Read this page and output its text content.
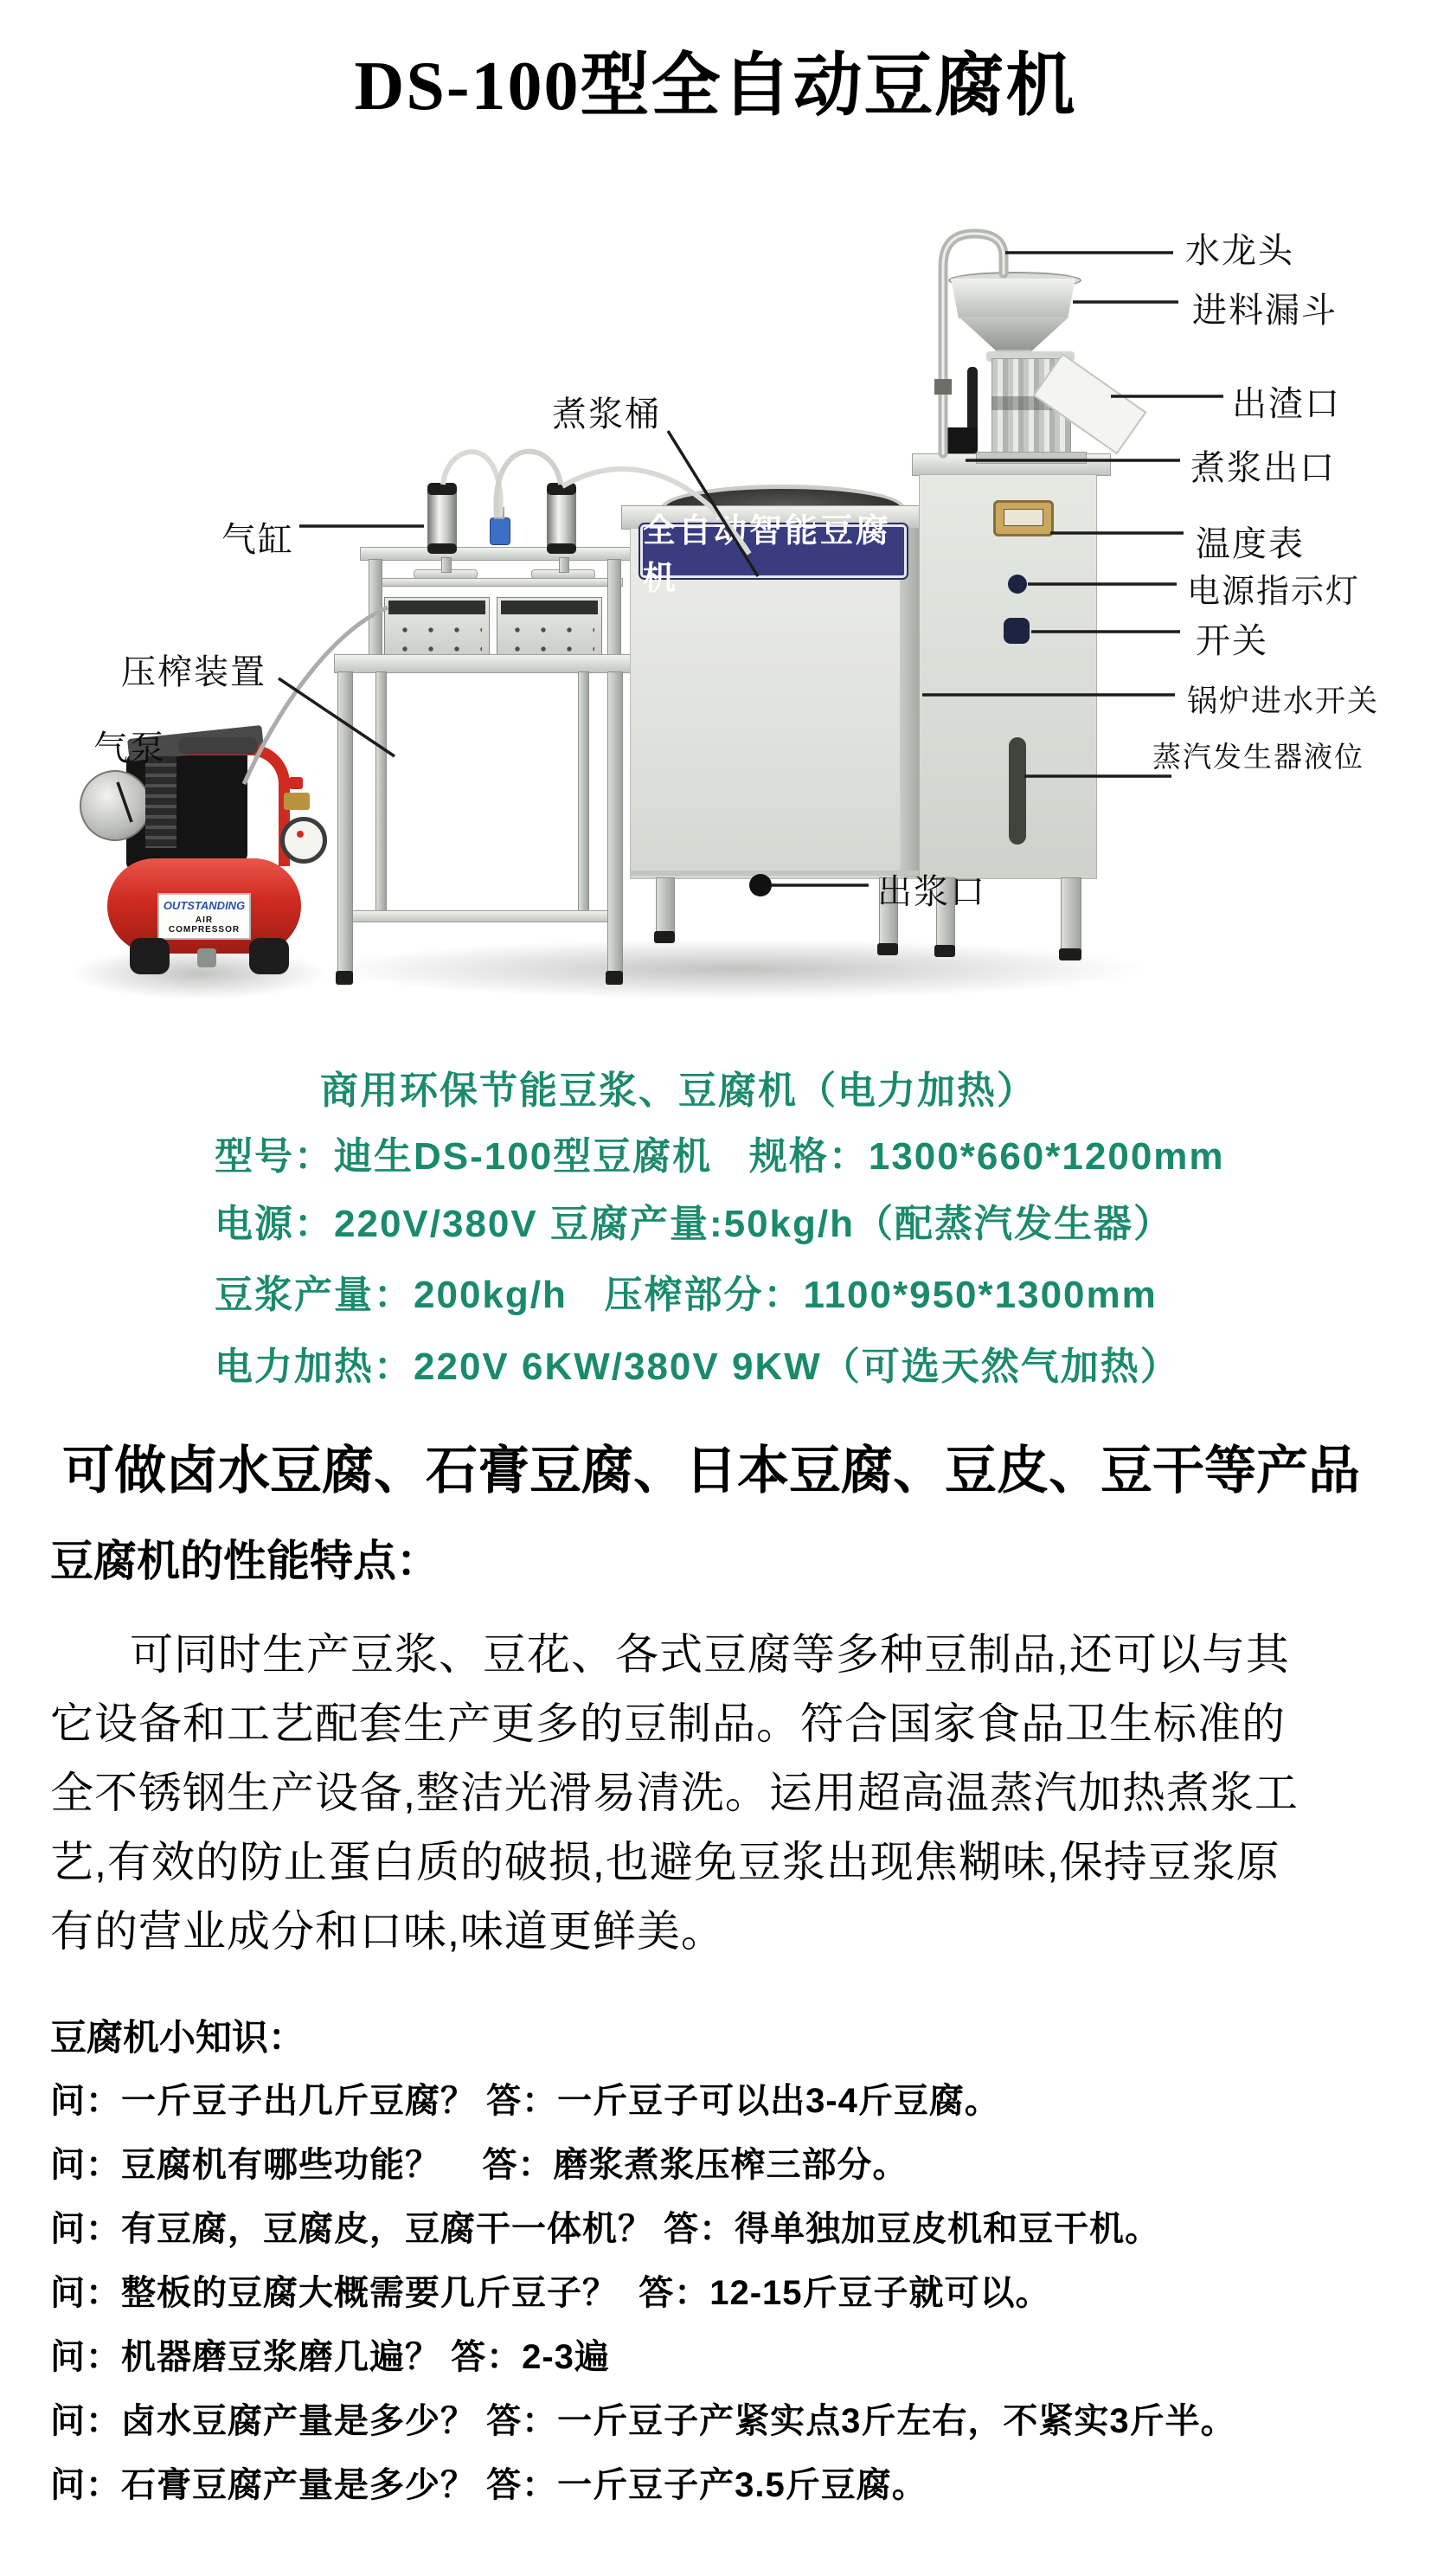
DS-100型全自动豆腐机
OUTSTANDING
AIR COMPRESSOR
全自动智能豆腐机
水龙头
进料漏斗
出渣口
煮浆出口
温度表
电源指示灯
开关
锅炉进水开关
蒸汽发生器液位
煮浆桶
气缸
压榨装置
气泵
出浆口
商用环保节能豆浆、豆腐机（电力加热）
型号：迪生DS-100型豆腐机   规格：1300*660*1200mm
电源：220V/380V 豆腐产量:50kg/h（配蒸汽发生器）
豆浆产量：200kg/h   压榨部分：1100*950*1300mm
电力加热：220V 6KW/380V 9KW（可选天然气加热）
可做卤水豆腐、石膏豆腐、日本豆腐、豆皮、豆干等产品
豆腐机的性能特点：
可同时生产豆浆、豆花、各式豆腐等多种豆制品,还可以与其
它设备和工艺配套生产更多的豆制品。符合国家食品卫生标准的
全不锈钢生产设备,整洁光滑易清洗。运用超高温蒸汽加热煮浆工
艺,有效的防止蛋白质的破损,也避免豆浆出现焦糊味,保持豆浆原
有的营业成分和口味,味道更鲜美。
豆腐机小知识：
问：一斤豆子出几斤豆腐？ 答：一斤豆子可以出3-4斤豆腐。
问：豆腐机有哪些功能？    答：磨浆煮浆压榨三部分。
问：有豆腐，豆腐皮，豆腐干一体机？ 答：得单独加豆皮机和豆干机。
问：整板的豆腐大概需要几斤豆子？  答：12-15斤豆子就可以。
问：机器磨豆浆磨几遍？ 答：2-3遍
问：卤水豆腐产量是多少？ 答：一斤豆子产紧实点3斤左右，不紧实3斤半。
问：石膏豆腐产量是多少？ 答：一斤豆子产3.5斤豆腐。
